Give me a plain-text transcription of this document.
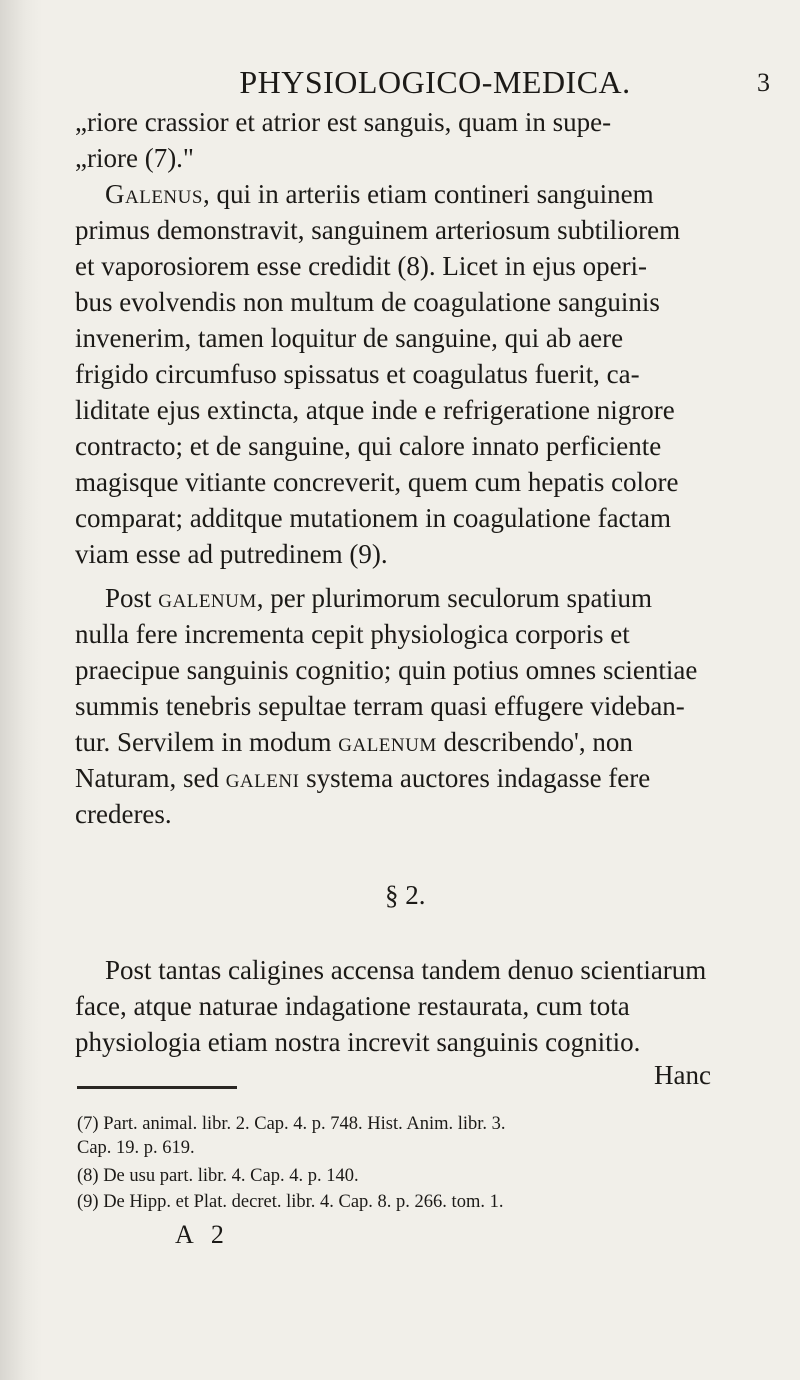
PHYSIOLOGICO-MEDICA.	3
„riore crassior et atrior est sanguis, quam in supe-
„riore (7)."
Galenus, qui in arteriis etiam contineri sanguinem
primus demonstravit, sanguinem arteriosum subtiliorem
et vaporosiorem esse credidit (8). Licet in ejus operi-
bus evolvendis non multum de coagulatione sanguinis
invenerim, tamen loquitur de sanguine, qui ab aere
frigido circumfuso spissatus et coagulatus fuerit, ca-
liditate ejus extincta, atque inde e refrigeratione nigrore
contracto; et de sanguine, qui calore innato perficiente
magisque vitiante concreverit, quem cum hepatis colore
comparat; additque mutationem in coagulatione factam
viam esse ad putredinem (9).
Post galenum, per plurimorum seculorum spatium
nulla fere incrementa cepit physiologica corporis et
praecipue sanguinis cognitio; quin potius omnes scientiae
summis tenebris sepultae terram quasi effugere videban-
tur. Servilem in modum galenum describendo', non
Naturam, sed galeni systema auctores indagasse fere
crederes.
§ 2.
Post tantas caligines accensa tandem denuo scientiarum
face, atque naturae indagatione restaurata, cum tota
physiologia etiam nostra increvit sanguinis cognitio.
Hanc
(7) Part. animal. libr. 2. Cap. 4. p. 748. Hist. Anim. libr. 3.
Cap. 19. p. 619.
(8) De usu part. libr. 4. Cap. 4. p. 140.
(9) De Hipp. et Plat. decret. libr. 4. Cap. 8. p. 266. tom. 1.
A 2
